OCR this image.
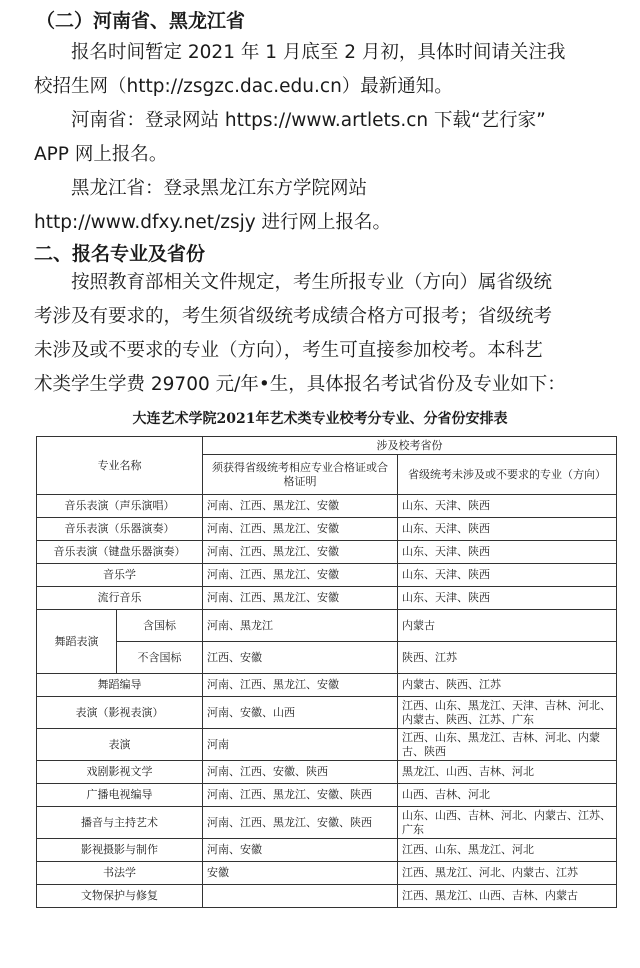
（二）河南省、黑龙江省

报名时间暂定 2021 年 1 月底至 2 月初，具体时间请关注我

校招生网（http://zsgzc.dac.edu.cn）最新通知。

河南省：登录网站 https://www.artlets.cn 下载“艺行家”

APP 网上报名。

黑龙江省：登录黑龙江东方学院网站

http://www.dfxy.net/zsjy 进行网上报名。

二、报名专业及省份

按照教育部相关文件规定，考生所报专业（方向）属省级统

考涉及有要求的，考生须省级统考成绩合格方可报考；省级统考

未涉及或不要求的专业（方向），考生可直接参加校考。本科艺

术类学生学费 29700 元/年•生，具体报名考试省份及专业如下：

大连艺术学院2021年艺术类专业校考分专业、分省份安排表
专业名称		涉及校考省份	
		须获得省级统考相应专业合格证或合格证明	省级统考未涉及或不要求的专业（方向）
音乐表演（声乐演唱）		河南、江西、黑龙江、安徽	山东、天津、陕西
音乐表演（乐器演奏）		河南、江西、黑龙江、安徽	山东、天津、陕西
音乐表演（键盘乐器演奏）		河南、江西、黑龙江、安徽	山东、天津、陕西
音乐学		河南、江西、黑龙江、安徽	山东、天津、陕西
流行音乐		河南、江西、黑龙江、安徽	山东、天津、陕西
舞蹈表演	含国标	河南、黑龙江	内蒙古
	不含国标	江西、安徽	陕西、江苏
舞蹈编导		河南、江西、黑龙江、安徽	内蒙古、陕西、江苏
表演（影视表演）		河南、安徽、山西	江西、山东、黑龙江、天津、吉林、河北、内蒙古、陕西、江苏、广东
表演		河南	江西、山东、黑龙江、吉林、河北、内蒙古、陕西
戏剧影视文学		河南、江西、安徽、陕西	黑龙江、山西、吉林、河北
广播电视编导		河南、江西、黑龙江、安徽、陕西	山西、吉林、河北
播音与主持艺术		河南、江西、黑龙江、安徽、陕西	山东、山西、吉林、河北、内蒙古、江苏、广东
影视摄影与制作		河南、安徽	江西、山东、黑龙江、河北
书法学		安徽	江西、黑龙江、河北、内蒙古、江苏
文物保护与修复			江西、黑龙江、山西、吉林、内蒙古
